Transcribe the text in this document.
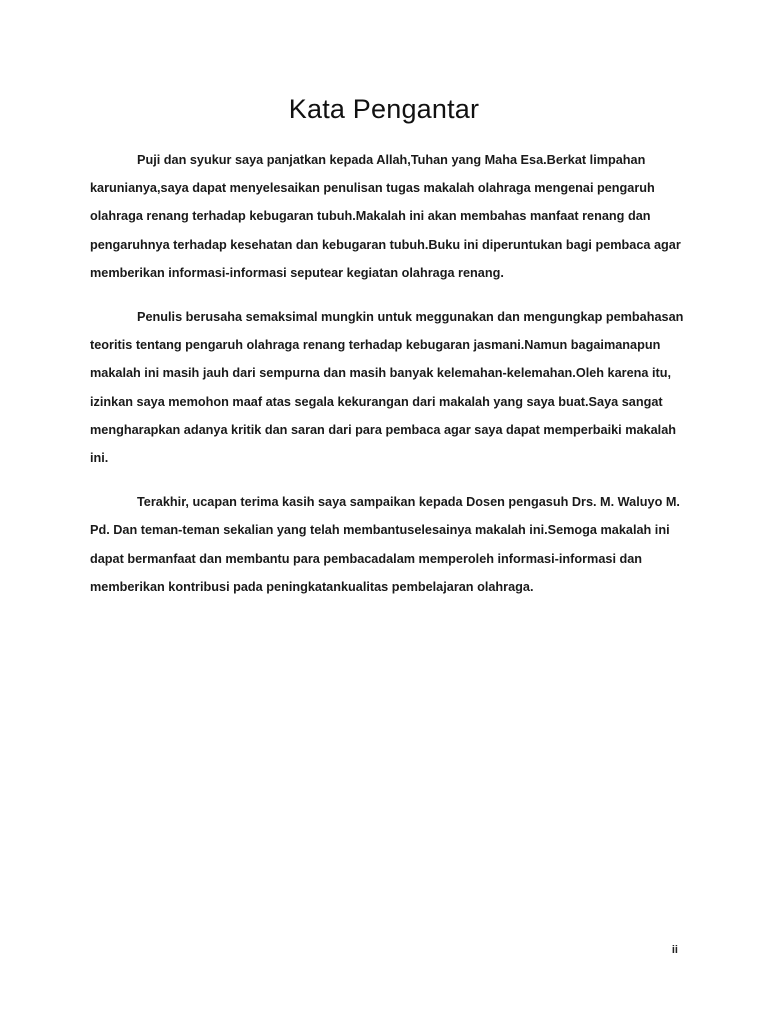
Kata Pengantar

Puji dan syukur saya panjatkan kepada Allah,Tuhan yang Maha Esa.Berkat limpahan karunianya,saya dapat menyelesaikan penulisan tugas makalah olahraga mengenai pengaruh olahraga renang terhadap kebugaran tubuh.Makalah ini akan membahas manfaat renang dan pengaruhnya terhadap kesehatan dan kebugaran tubuh.Buku ini diperuntukan bagi pembaca agar memberikan informasi-informasi seputear kegiatan olahraga renang.

Penulis berusaha semaksimal mungkin untuk meggunakan dan mengungkap pembahasan teoritis tentang pengaruh olahraga renang terhadap kebugaran jasmani.Namun bagaimanapun makalah ini masih jauh dari sempurna dan masih banyak kelemahan-kelemahan.Oleh karena itu, izinkan saya memohon maaf atas segala kekurangan dari makalah yang saya buat.Saya sangat mengharapkan adanya kritik dan saran dari para pembaca agar saya dapat memperbaiki makalah ini.

Terakhir, ucapan terima kasih saya sampaikan kepada Dosen pengasuh Drs. M. Waluyo M. Pd. Dan teman-teman sekalian yang telah membantuselesainya makalah ini.Semoga makalah ini dapat bermanfaat dan membantu para pembacadalam memperoleh informasi-informasi dan memberikan kontribusi pada peningkatankualitas pembelajaran olahraga.

ii
